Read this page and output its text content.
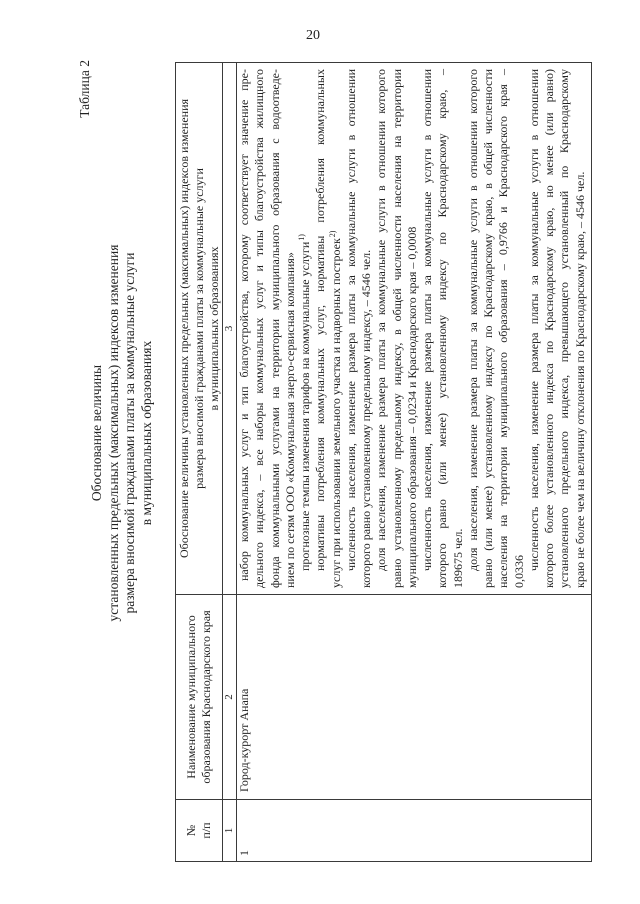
20
Таблица 2
Обоснование величины установленных предельных (максимальных) индексов изменения размера вносимой гражданами платы за коммунальные услуги в муниципальных образованиях
№ п/п
Наименование муниципального образования Краснодарского края
Обоснование величины установленных предельных (максимальных) индексов изменения размера вносимой гражданами платы за коммунальные услуги в муниципальных образованиях
1
2
3
1
Город-курорт Анапа
набор коммунальных услуг и тип благоустройства, которому соответствует значение пре- дельного индекса, – все наборы коммунальных услуг и типы благоустройства жилищного фонда коммунальными услугами на территории муниципального образования с водоотведе- нием по сетям ООО «Коммунальная энерго-сервисная компания» прогнозные темпы изменения тарифов на коммунальные услуги$^{1)}$ нормативы потребления коммунальных услуг, нормативы потребления коммунальных услуг при использовании земельного участка и надворных построек$^{2)}$ численность населения, изменение размера платы за коммунальные услуги в отношении которого равно установленному предельному индексу, – 4546 чел. доля населения, изменение размера платы за коммунальные услуги в отношении которого равно установленному предельному индексу, в общей численности населения на территории муниципального образования – 0,0234 и Краснодарского края – 0,0008 численность населения, изменение размера платы за коммунальные услуги в отношении которого равно (или менее) установленному индексу по Краснодарскому краю, – 189675 чел. доля населения, изменение размера платы за коммунальные услуги в отношении которого равно (или менее) установленному индексу по Краснодарскому краю, в общей численности населения на территории муниципального образования – 0,9766 и Краснодарского края – 0,0336
численность населения, изменение размера платы за коммунальные услуги в отношении которого более установленного индекса по Краснодарскому краю, но менее (или равно) установленного предельного индекса, превышающего установленный по Краснодарскому краю не более чем на величину отклонения по Краснодарскому краю, – 4546 чел.
